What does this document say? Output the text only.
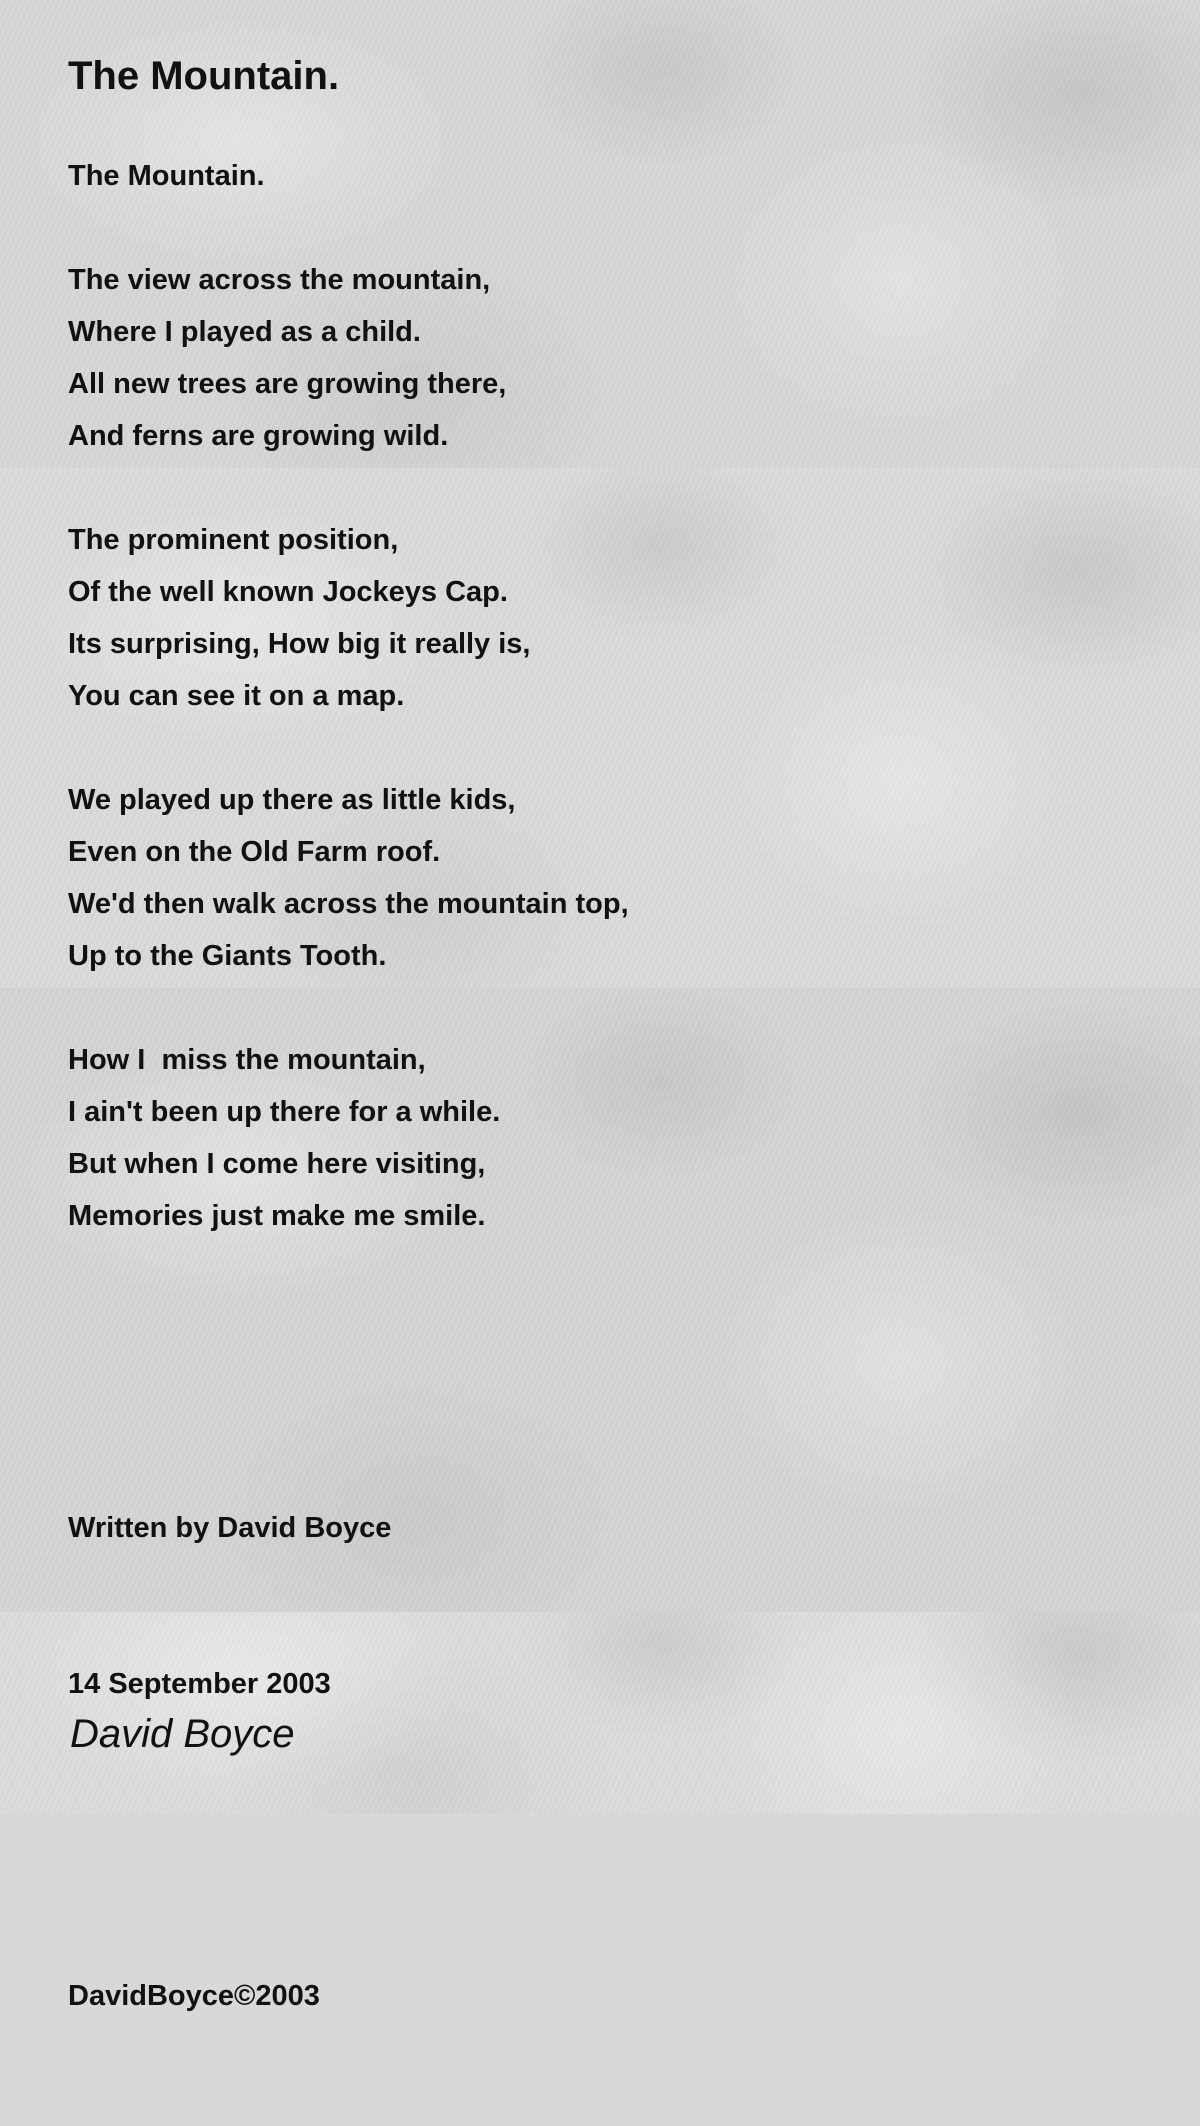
The Mountain.
The Mountain.
The view across the mountain,
Where I played as a child.
All new trees are growing there,
And ferns are growing wild.
The prominent position,
Of the well known Jockeys Cap.
Its surprising, How big it really is,
You can see it on a map.
We played up there as little kids,
Even on the Old Farm roof.
We'd then walk across the mountain top,
Up to the Giants Tooth.
How I  miss the mountain,
I ain't been up there for a while.
But when I come here visiting,
Memories just make me smile.

Written by David Boyce

14 September 2003

DavidBoyce©2003

David Boyce
